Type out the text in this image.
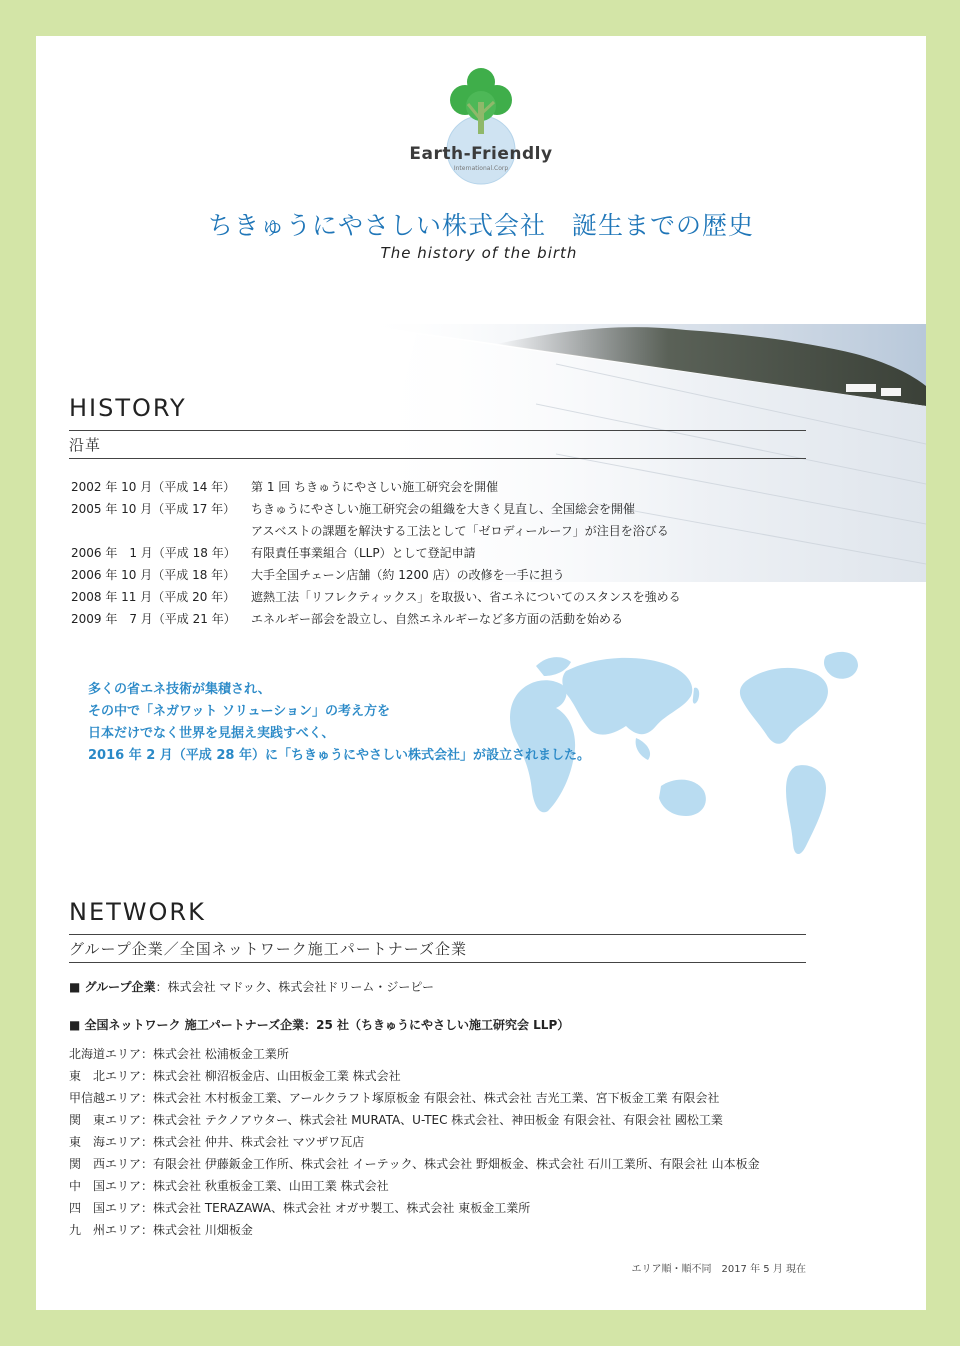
Earth-Friendly
International.Corp
ちきゅうにやさしい株式会社　誕生までの歴史
The history of the birth
HISTORY
沿革
2002 年 10 月（平成 14 年） 第 1 回 ちきゅうにやさしい施工研究会を開催
2005 年 10 月（平成 17 年） ちきゅうにやさしい施工研究会の組織を大きく見直し、全国総会を開催
アスベストの課題を解決する工法として「ゼロディールーフ」が注目を浴びる
2006 年　1 月（平成 18 年） 有限責任事業組合（LLP）として登記申請
2006 年 10 月（平成 18 年） 大手全国チェーン店舗（約 1200 店）の改修を一手に担う
2008 年 11 月（平成 20 年） 遮熱工法「リフレクティックス」を取扱い、省エネについてのスタンスを強める
2009 年　7 月（平成 21 年） エネルギー部会を設立し、自然エネルギーなど多方面の活動を始める
多くの省エネ技術が集積され、
その中で「ネガワット ソリューション」の考え方を
日本だけでなく世界を見据え実践すべく、
2016 年 2 月（平成 28 年）に「ちきゅうにやさしい株式会社」が設立されました。
NETWORK
グループ企業／全国ネットワーク施工パートナーズ企業
■ グループ企業：株式会社 マドック、株式会社ドリーム・ジーピー
■ 全国ネットワーク 施工パートナーズ企業：25 社（ちきゅうにやさしい施工研究会 LLP）
北海道エリア：株式会社 松浦板金工業所
東　北エリア：株式会社 柳沼板金店、山田板金工業 株式会社
甲信越エリア：株式会社 木村板金工業、アールクラフト塚原板金 有限会社、株式会社 吉光工業、宮下板金工業 有限会社
関　東エリア：株式会社 テクノアウター、株式会社 MURATA、U-TEC 株式会社、神田板金 有限会社、有限会社 國松工業
東　海エリア：株式会社 仲井、株式会社 マツザワ瓦店
関　西エリア：有限会社 伊藤鈑金工作所、株式会社 イーテック、株式会社 野畑板金、株式会社 石川工業所、有限会社 山本板金
中　国エリア：株式会社 秋重板金工業、山田工業 株式会社
四　国エリア：株式会社 TERAZAWA、株式会社 オガサ製工、株式会社 東板金工業所
九　州エリア：株式会社 川畑板金
エリア順・順不同　2017 年 5 月 現在
